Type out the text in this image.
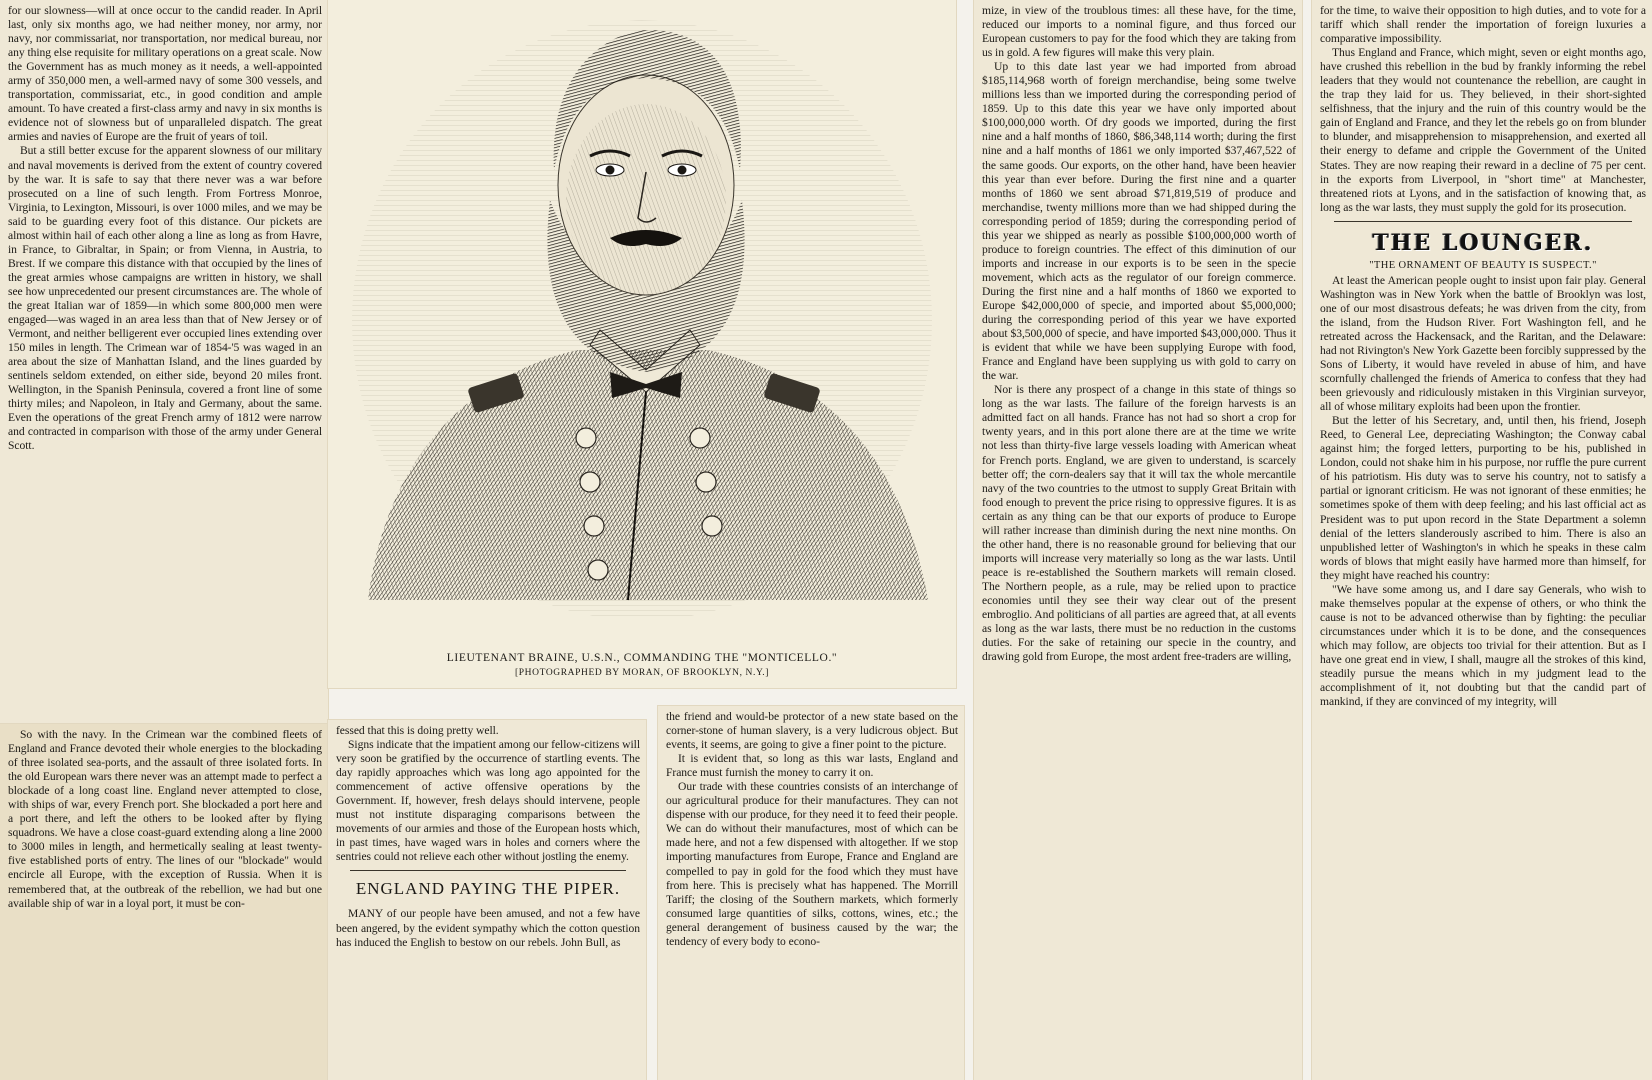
for our slowness—will at once occur to the candid reader. In April last, only six months ago, we had neither money, nor army, nor navy, nor commissariat, nor transportation, nor medical bureau, nor any thing else requisite for military operations on a great scale. Now the Government has as much money as it needs, a well-appointed army of 350,000 men, a well-armed navy of some 300 vessels, and transportation, commissariat, etc., in good condition and ample amount. To have created a first-class army and navy in six months is evidence not of slowness but of unparalleled dispatch. The great armies and navies of Europe are the fruit of years of toil.

But a still better excuse for the apparent slowness of our military and naval movements is derived from the extent of country covered by the war. It is safe to say that there never was a war before prosecuted on a line of such length. From Fortress Monroe, Virginia, to Lexington, Missouri, is over 1000 miles, and we may be said to be guarding every foot of this distance. Our pickets are almost within hail of each other along a line as long as from Havre, in France, to Gibraltar, in Spain; or from Vienna, in Austria, to Brest. If we compare this distance with that occupied by the lines of the great armies whose campaigns are written in history, we shall see how unprecedented our present circumstances are. The whole of the great Italian war of 1859—in which some 800,000 men were engaged—was waged in an area less than that of New Jersey or of Vermont, and neither belligerent ever occupied lines extending over 150 miles in length. The Crimean war of 1854-'5 was waged in an area about the size of Manhattan Island, and the lines guarded by sentinels seldom extended, on either side, beyond 20 miles front. Wellington, in the Spanish Peninsula, covered a front line of some thirty miles; and Napoleon, in Italy and Germany, about the same. Even the operations of the great French army of 1812 were narrow and contracted in comparison with those of the army under General Scott.

So with the navy. In the Crimean war the combined fleets of England and France devoted their whole energies to the blockading of three isolated sea-ports, and the assault of three isolated forts. In the old European wars there never was an attempt made to perfect a blockade of a long coast line. England never attempted to close, with ships of war, every French port. She blockaded a port here and a port there, and left the others to be looked after by flying squadrons. We have a close coast-guard extending along a line 2000 to 3000 miles in length, and hermetically sealing at least twenty-five established ports of entry. The lines of our "blockade" would encircle all Europe, with the exception of Russia. When it is remembered that, at the outbreak of the rebellion, we had but one available ship of war in a loyal port, it must be con-

LIEUTENANT BRAINE, U.S.N., COMMANDING THE "MONTICELLO."
[PHOTOGRAPHED BY MORAN, OF BROOKLYN, N.Y.]

fessed that this is doing pretty well.

Signs indicate that the impatient among our fellow-citizens will very soon be gratified by the occurrence of startling events. The day rapidly approaches which was long ago appointed for the commencement of active offensive operations by the Government. If, however, fresh delays should intervene, people must not institute disparaging comparisons between the movements of our armies and those of the European hosts which, in past times, have waged wars in holes and corners where the sentries could not relieve each other without jostling the enemy.

ENGLAND PAYING THE PIPER.

MANY of our people have been amused, and not a few have been angered, by the evident sympathy which the cotton question has induced the English to bestow on our rebels. John Bull, as

the friend and would-be protector of a new state based on the corner-stone of human slavery, is a very ludicrous object. But events, it seems, are going to give a finer point to the picture.

It is evident that, so long as this war lasts, England and France must furnish the money to carry it on.

Our trade with these countries consists of an interchange of our agricultural produce for their manufactures. They can not dispense with our produce, for they need it to feed their people. We can do without their manufactures, most of which can be made here, and not a few dispensed with altogether. If we stop importing manufactures from Europe, France and England are compelled to pay in gold for the food which they must have from here. This is precisely what has happened. The Morrill Tariff; the closing of the Southern markets, which formerly consumed large quantities of silks, cottons, wines, etc.; the general derangement of business caused by the war; the tendency of every body to econo-

mize, in view of the troublous times: all these have, for the time, reduced our imports to a nominal figure, and thus forced our European customers to pay for the food which they are taking from us in gold. A few figures will make this very plain.

Up to this date last year we had imported from abroad $185,114,968 worth of foreign merchandise, being some twelve millions less than we imported during the corresponding period of 1859. Up to this date this year we have only imported about $100,000,000 worth. Of dry goods we imported, during the first nine and a half months of 1860, $86,348,114 worth; during the first nine and a half months of 1861 we only imported $37,467,522 of the same goods. Our exports, on the other hand, have been heavier this year than ever before. During the first nine and a quarter months of 1860 we sent abroad $71,819,519 of produce and merchandise, twenty millions more than we had shipped during the corresponding period of 1859; during the corresponding period of this year we shipped as nearly as possible $100,000,000 worth of produce to foreign countries. The effect of this diminution of our imports and increase in our exports is to be seen in the specie movement, which acts as the regulator of our foreign commerce. During the first nine and a half months of 1860 we exported to Europe $42,000,000 of specie, and imported about $5,000,000; during the corresponding period of this year we have exported about $3,500,000 of specie, and have imported $43,000,000. Thus it is evident that while we have been supplying Europe with food, France and England have been supplying us with gold to carry on the war.

Nor is there any prospect of a change in this state of things so long as the war lasts. The failure of the foreign harvests is an admitted fact on all hands. France has not had so short a crop for twenty years, and in this port alone there are at the time we write not less than thirty-five large vessels loading with American wheat for French ports. England, we are given to understand, is scarcely better off; the corn-dealers say that it will tax the whole mercantile navy of the two countries to the utmost to supply Great Britain with food enough to prevent the price rising to oppressive figures. It is as certain as any thing can be that our exports of produce to Europe will rather increase than diminish during the next nine months. On the other hand, there is no reasonable ground for believing that our imports will increase very materially so long as the war lasts. Until peace is re-established the Southern markets will remain closed. The Northern people, as a rule, may be relied upon to practice economies until they see their way clear out of the present embroglio. And politicians of all parties are agreed that, at all events as long as the war lasts, there must be no reduction in the customs duties. For the sake of retaining our specie in the country, and drawing gold from Europe, the most ardent free-traders are willing,

for the time, to waive their opposition to high duties, and to vote for a tariff which shall render the importation of foreign luxuries a comparative impossibility.

Thus England and France, which might, seven or eight months ago, have crushed this rebellion in the bud by frankly informing the rebel leaders that they would not countenance the rebellion, are caught in the trap they laid for us. They believed, in their short-sighted selfishness, that the injury and the ruin of this country would be the gain of England and France, and they let the rebels go on from blunder to blunder, and misapprehension to misapprehension, and exerted all their energy to defame and cripple the Government of the United States. They are now reaping their reward in a decline of 75 per cent. in the exports from Liverpool, in "short time" at Manchester, threatened riots at Lyons, and in the satisfaction of knowing that, as long as the war lasts, they must supply the gold for its prosecution.

THE LOUNGER.
"THE ORNAMENT OF BEAUTY IS SUSPECT."

At least the American people ought to insist upon fair play. General Washington was in New York when the battle of Brooklyn was lost, one of our most disastrous defeats; he was driven from the city, from the island, from the Hudson River. Fort Washington fell, and he retreated across the Hackensack, and the Raritan, and the Delaware: had not Rivington's New York Gazette been forcibly suppressed by the Sons of Liberty, it would have reveled in abuse of him, and have scornfully challenged the friends of America to confess that they had been grievously and ridiculously mistaken in this Virginian surveyor, all of whose military exploits had been upon the frontier.

But the letter of his Secretary, and, until then, his friend, Joseph Reed, to General Lee, depreciating Washington; the Conway cabal against him; the forged letters, purporting to be his, published in London, could not shake him in his purpose, nor ruffle the pure current of his patriotism. His duty was to serve his country, not to satisfy a partial or ignorant criticism. He was not ignorant of these enmities; he sometimes spoke of them with deep feeling; and his last official act as President was to put upon record in the State Department a solemn denial of the letters slanderously ascribed to him. There is also an unpublished letter of Washington's in which he speaks in these calm words of blows that might easily have harmed more than himself, for they might have reached his country:

"We have some among us, and I dare say Generals, who wish to make themselves popular at the expense of others, or who think the cause is not to be advanced otherwise than by fighting: the peculiar circumstances under which it is to be done, and the consequences which may follow, are objects too trivial for their attention. But as I have one great end in view, I shall, maugre all the strokes of this kind, steadily pursue the means which in my judgment lead to the accomplishment of it, not doubting but that the candid part of mankind, if they are convinced of my integrity, will
